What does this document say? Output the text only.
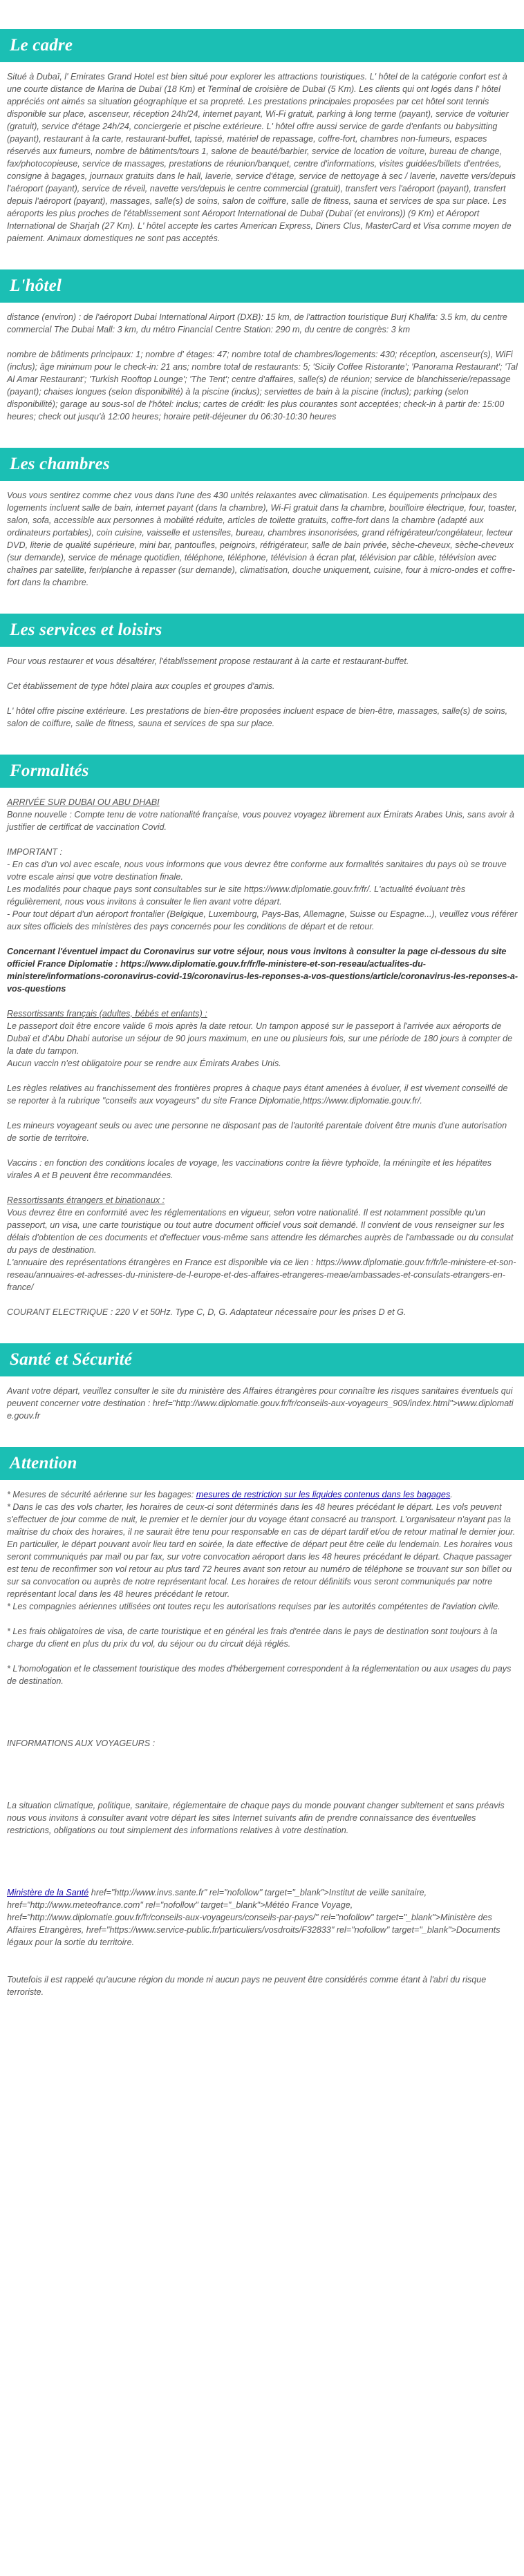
Le cadre

Situé à Dubaï, l' Emirates Grand Hotel est bien situé pour explorer les attractions touristiques. L' hôtel de la catégorie confort est à une courte distance de Marina de Dubaï (18 Km) et Terminal de croisière de Dubaï (5 Km). Les clients qui ont logés dans l' hôtel appréciés ont aimés sa situation géographique et sa propreté. Les prestations principales proposées par cet hôtel sont tennis disponible sur place, ascenseur, réception 24h/24, internet payant, Wi-Fi gratuit, parking à long terme (payant), service de voiturier (gratuit), service d'étage 24h/24, conciergerie et piscine extérieure. L' hôtel offre aussi service de garde d'enfants ou babysitting (payant), restaurant à la carte, restaurant-buffet, tapissé, matériel de repassage, coffre-fort, chambres non-fumeurs, espaces réservés aux fumeurs, nombre de bâtiments/tours 1, salone de beauté/barbier, service de location de voiture, bureau de change, fax/photocopieuse, service de massages, prestations de réunion/banquet, centre d'informations, visites guidées/billets d'entrées, consigne à bagages, journaux gratuits dans le hall, laverie, service d'étage, service de nettoyage à sec / laverie, navette vers/depuis l'aéroport (payant), service de réveil, navette vers/depuis le centre commercial (gratuit), transfert vers l'aéroport (payant), transfert depuis l'aéroport (payant), massages, salle(s) de soins, salon de coiffure, salle de fitness, sauna et services de spa sur place. Les aéroports les plus proches de l'établissement sont Aéroport International de Dubaï (Dubaï (et environs)) (9 Km) et Aéroport International de Sharjah (27 Km). L' hôtel accepte les cartes American Express, Diners Clus, MasterCard et Visa comme moyen de paiement. Animaux domestiques ne sont pas acceptés.

L'hôtel

distance (environ) : de l'aéroport Dubai International Airport (DXB): 15 km, de l'attraction touristique Burj Khalifa: 3.5 km, du centre commercial The Dubai Mall: 3 km, du métro Financial Centre Station: 290 m, du centre de congrès: 3 km

nombre de bâtiments principaux: 1; nombre d' étages: 47; nombre total de chambres/logements: 430; réception, ascenseur(s), WiFi (inclus); âge minimum pour le check-in: 21 ans; nombre total de restaurants: 5; 'Sicily Coffee Ristorante'; 'Panorama Restaurant'; 'Tal Al Amar Restaurant'; 'Turkish Rooftop Lounge'; 'The Tent'; centre d'affaires, salle(s) de réunion; service de blanchisserie/repassage (payant); chaises longues (selon disponibilité) à la piscine (inclus); serviettes de bain à la piscine (inclus); parking (selon disponibilité); garage au sous-sol de l'hôtel: inclus; cartes de crédit: les plus courantes sont acceptées; check-in à partir de: 15:00 heures; check out jusqu'à 12:00 heures; horaire petit-déjeuner du 06:30-10:30 heures

Les chambres

Vous vous sentirez comme chez vous dans l'une des 430 unités relaxantes avec climatisation. Les équipements principaux des logements incluent salle de bain, internet payant (dans la chambre), Wi-Fi gratuit dans la chambre, bouilloire électrique, four, toaster, salon, sofa, accessible aux personnes à mobilité réduite, articles de toilette gratuits, coffre-fort dans la chambre (adapté aux ordinateurs portables), coin cuisine, vaisselle et ustensiles, bureau, chambres insonorisées, grand réfrigérateur/congélateur, lecteur DVD, literie de qualité supérieure, mini bar, pantoufles, peignoirs, réfrigérateur, salle de bain privée, sèche-cheveux, sèche-cheveux (sur demande), service de ménage quotidien, téléphone, téléphone, télévision à écran plat, télévision par câble, télévision avec chaînes par satellite, fer/planche à repasser (sur demande), climatisation, douche uniquement, cuisine, four à micro-ondes et coffre-fort dans la chambre.

Les services et loisirs

Pour vous restaurer et vous désaltérer, l'établissement propose restaurant à la carte et restaurant-buffet.

Cet établissement de type hôtel plaira aux couples et groupes d'amis.

L' hôtel offre piscine extérieure. Les prestations de bien-être proposées incluent espace de bien-être, massages, salle(s) de soins, salon de coiffure, salle de fitness, sauna et services de spa sur place.

Formalités

ARRIVÉE SUR DUBAI OU ABU DHABI
Bonne nouvelle : Compte tenu de votre nationalité française, vous pouvez voyagez librement aux Émirats Arabes Unis, sans avoir à justifier de certificat de vaccination Covid.

IMPORTANT :
- En cas d'un vol avec escale, nous vous informons que vous devrez être conforme aux formalités sanitaires du pays où se trouve votre escale ainsi que votre destination finale.
Les modalités pour chaque pays sont consultables sur le site https://www.diplomatie.gouv.fr/fr/. L'actualité évoluant très régulièrement, nous vous invitons à consulter le lien avant votre départ.
- Pour tout départ d'un aéroport frontalier (Belgique, Luxembourg, Pays-Bas, Allemagne, Suisse ou Espagne...), veuillez vous référer aux sites officiels des ministères des pays concernés pour les conditions de départ et de retour.

Concernant l'éventuel impact du Coronavirus sur votre séjour, nous vous invitons à consulter la page ci-dessous du site officiel France Diplomatie : https://www.diplomatie.gouv.fr/fr/le-ministere-et-son-reseau/actualites-du-ministere/informations-coronavirus-covid-19/coronavirus-les-reponses-a-vos-questions/article/coronavirus-les-reponses-a-vos-questions

Ressortissants français (adultes, bébés et enfants) :
Le passeport doit être encore valide 6 mois après la date retour. Un tampon apposé sur le passeport à l'arrivée aux aéroports de Dubaï et d'Abu Dhabi autorise un séjour de 90 jours maximum, en une ou plusieurs fois, sur une période de 180 jours à compter de la date du tampon.
Aucun vaccin n'est obligatoire pour se rendre aux Émirats Arabes Unis.

Les règles relatives au franchissement des frontières propres à chaque pays étant amenées à évoluer, il est vivement conseillé de se reporter à la rubrique "conseils aux voyageurs" du site France Diplomatie,https://www.diplomatie.gouv.fr/.

Les mineurs voyageant seuls ou avec une personne ne disposant pas de l'autorité parentale doivent être munis d'une autorisation de sortie de territoire.

Vaccins : en fonction des conditions locales de voyage, les vaccinations contre la fièvre typhoïde, la méningite et les hépatites virales A et B peuvent être recommandées.

Ressortissants étrangers et binationaux :
Vous devrez être en conformité avec les réglementations en vigueur, selon votre nationalité. Il est notamment possible qu'un passeport, un visa, une carte touristique ou tout autre document officiel vous soit demandé. Il convient de vous renseigner sur les délais d'obtention de ces documents et d'effectuer vous-même sans attendre les démarches auprès de l'ambassade ou du consulat du pays de destination.
L'annuaire des représentations étrangères en France est disponible via ce lien : https://www.diplomatie.gouv.fr/fr/le-ministere-et-son-reseau/annuaires-et-adresses-du-ministere-de-l-europe-et-des-affaires-etrangeres-meae/ambassades-et-consulats-etrangers-en-france/

COURANT ELECTRIQUE : 220 V et 50Hz. Type C, D, G. Adaptateur nécessaire pour les prises D et G.

Santé et Sécurité

Avant votre départ, veuillez consulter le site du ministère des Affaires étrangères pour connaître les risques sanitaires éventuels qui peuvent concerner votre destination : href="http://www.diplomatie.gouv.fr/fr/conseils-aux-voyageurs_909/index.html">www.diplomatie.gouv.fr

Attention

* Mesures de sécurité aérienne sur les bagages: mesures de restriction sur les liquides contenus dans les bagages.
* Dans le cas des vols charter, les horaires de ceux-ci sont déterminés dans les 48 heures précédant le départ. Les vols peuvent s'effectuer de jour comme de nuit, le premier et le dernier jour du voyage étant consacré au transport. L'organisateur n'ayant pas la maîtrise du choix des horaires, il ne saurait être tenu pour responsable en cas de départ tardif et/ou de retour matinal le dernier jour. En particulier, le départ pouvant avoir lieu tard en soirée, la date effective de départ peut être celle du lendemain. Les horaires vous seront communiqués par mail ou par fax, sur votre convocation aéroport dans les 48 heures précédant le départ. Chaque passager est tenu de reconfirmer son vol retour au plus tard 72 heures avant son retour au numéro de téléphone se trouvant sur son billet ou sur sa convocation ou auprès de notre représentant local. Les horaires de retour définitifs vous seront communiqués par notre représentant local dans les 48 heures précédant le retour.
* Les compagnies aériennes utilisées ont toutes reçu les autorisations requises par les autorités compétentes de l'aviation civile.

* Les frais obligatoires de visa, de carte touristique et en général les frais d'entrée dans le pays de destination sont toujours à la charge du client en plus du prix du vol, du séjour ou du circuit déjà réglés.

* L'homologation et le classement touristique des modes d'hébergement correspondent à la réglementation ou aux usages du pays de destination.

INFORMATIONS AUX VOYAGEURS :

La situation climatique, politique, sanitaire, réglementaire de chaque pays du monde pouvant changer subitement et sans préavis
nous vous invitons à consulter avant votre départ les sites Internet suivants afin de prendre connaissance des éventuelles restrictions, obligations ou tout simplement des informations relatives à votre destination.

Ministère de la Santé href="http://www.invs.sante.fr" rel="nofollow" target="_blank">Institut de veille sanitaire, href="http://www.meteofrance.com" rel="nofollow" target="_blank">Météo France Voyage, href="http://www.diplomatie.gouv.fr/fr/conseils-aux-voyageurs/conseils-par-pays/" rel="nofollow" target="_blank">Ministère des Affaires Etrangères, href="https://www.service-public.fr/particuliers/vosdroits/F32833" rel="nofollow" target="_blank">Documents légaux pour la sortie du territoire.

Toutefois il est rappelé qu'aucune région du monde ni aucun pays ne peuvent être considérés comme étant à l'abri du risque terroriste.
